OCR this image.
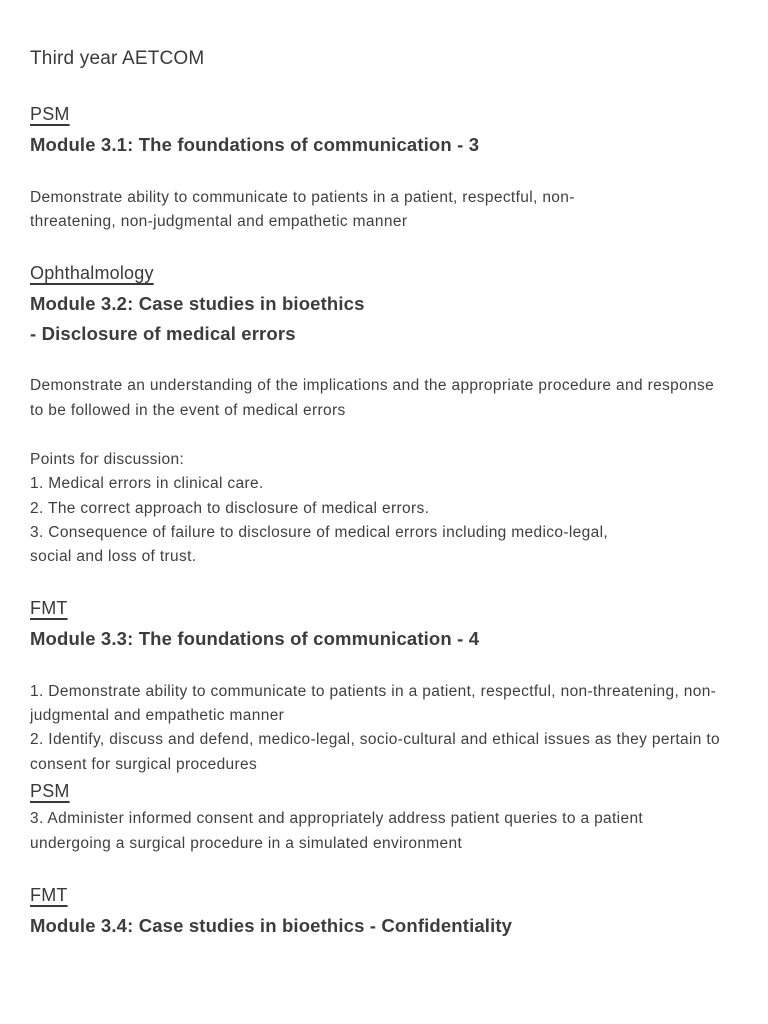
Third year AETCOM
PSM
Module 3.1: The foundations of communication - 3
Demonstrate ability to communicate to patients in a patient, respectful, non-
threatening, non-judgmental and empathetic manner
Ophthalmology
Module 3.2: Case studies in bioethics
- Disclosure of medical errors
Demonstrate an understanding of the implications and the appropriate procedure and response
to be followed in the event of medical errors
Points for discussion:
1. Medical errors in clinical care.
2. The correct approach to disclosure of medical errors.
3. Consequence of failure to disclosure of medical errors including medico-legal,
social and loss of trust.
FMT
Module 3.3: The foundations of communication - 4
1. Demonstrate ability to communicate to patients in a patient, respectful, non-threatening, non-
judgmental and empathetic manner
2. Identify, discuss and defend, medico-legal, socio-cultural and ethical issues as they pertain to
consent for surgical procedures
PSM
3. Administer informed consent and appropriately address patient queries to a patient
undergoing a surgical procedure in a simulated environment
FMT
Module 3.4: Case studies in bioethics - Confidentiality
